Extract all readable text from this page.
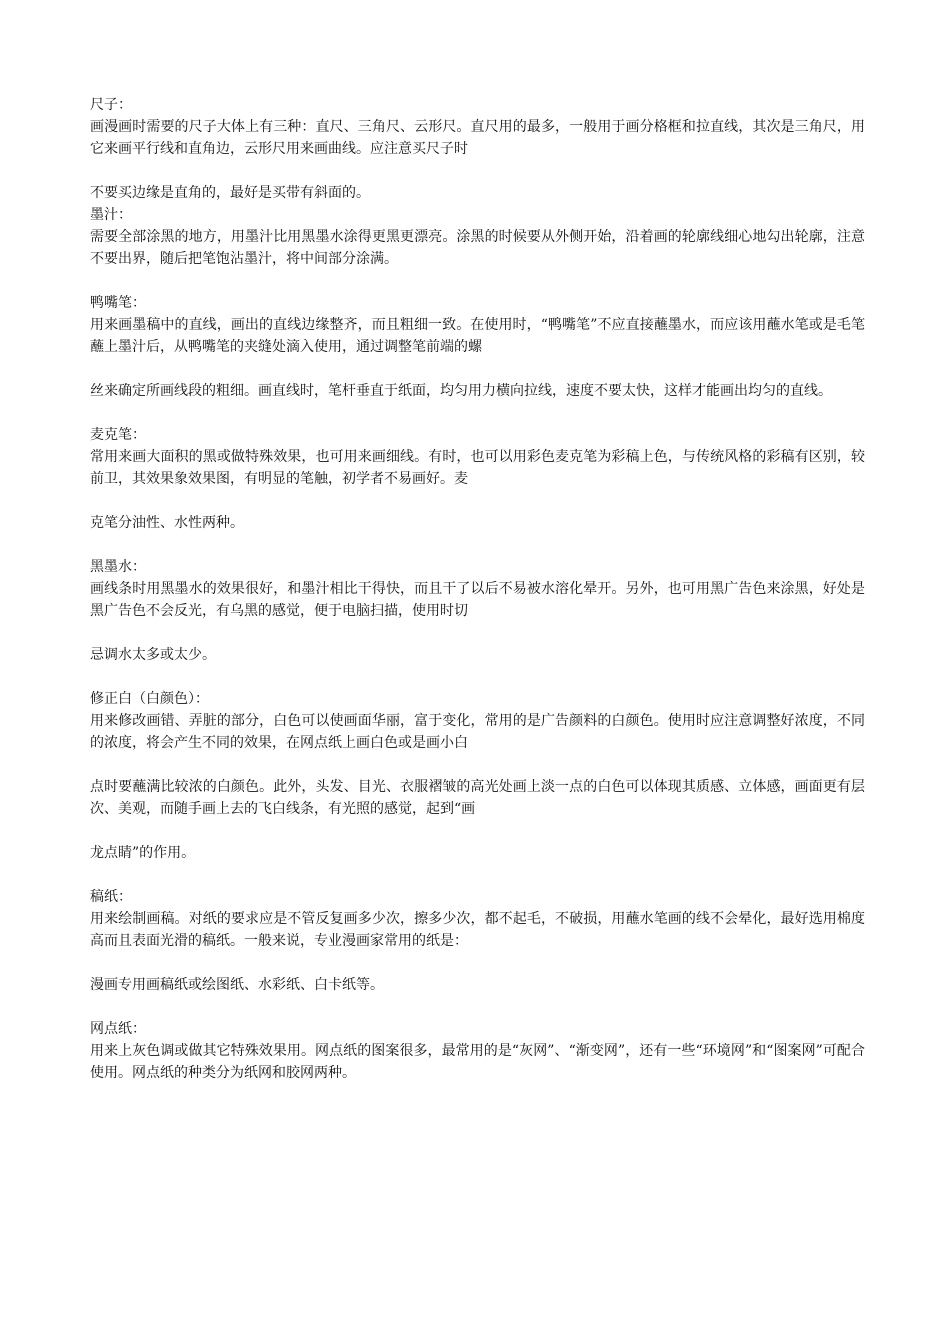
尺子：

画漫画时需要的尺子大体上有三种：直尺、三角尺、云形尺。直尺用的最多，一般用于画分格框和拉直线，其次是三角尺，用它来画平行线和直角边，云形尺用来画曲线。应注意买尺子时

不要买边缘是直角的，最好是买带有斜面的。

墨汁：

需要全部涂黑的地方，用墨汁比用黑墨水涂得更黑更漂亮。涂黑的时候要从外侧开始，沿着画的轮廓线细心地勾出轮廓，注意不要出界，随后把笔饱沾墨汁，将中间部分涂满。

鸭嘴笔：

用来画墨稿中的直线，画出的直线边缘整齐，而且粗细一致。在使用时，“鸭嘴笔”不应直接蘸墨水，而应该用蘸水笔或是毛笔蘸上墨汁后，从鸭嘴笔的夹缝处滴入使用，通过调整笔前端的螺

丝来确定所画线段的粗细。画直线时，笔杆垂直于纸面，均匀用力横向拉线，速度不要太快，这样才能画出均匀的直线。

麦克笔：

常用来画大面积的黑或做特殊效果，也可用来画细线。有时，也可以用彩色麦克笔为彩稿上色，与传统风格的彩稿有区别，较前卫，其效果象效果图，有明显的笔触，初学者不易画好。麦

克笔分油性、水性两种。

黑墨水：

画线条时用黑墨水的效果很好，和墨汁相比干得快，而且干了以后不易被水溶化晕开。另外，也可用黑广告色来涂黑，好处是黑广告色不会反光，有乌黑的感觉，便于电脑扫描，使用时切

忌调水太多或太少。

修正白（白颜色）：

用来修改画错、弄脏的部分，白色可以使画面华丽，富于变化，常用的是广告颜料的白颜色。使用时应注意调整好浓度，不同的浓度，将会产生不同的效果，在网点纸上画白色或是画小白

点时要蘸满比较浓的白颜色。此外，头发、目光、衣服褶皱的高光处画上淡一点的白色可以体现其质感、立体感，画面更有层次、美观，而随手画上去的飞白线条，有光照的感觉，起到“画

龙点睛”的作用。

稿纸：

用来绘制画稿。对纸的要求应是不管反复画多少次，擦多少次，都不起毛，不破损，用蘸水笔画的线不会晕化，最好选用棉度高而且表面光滑的稿纸。一般来说，专业漫画家常用的纸是：

漫画专用画稿纸或绘图纸、水彩纸、白卡纸等。

网点纸：

用来上灰色调或做其它特殊效果用。网点纸的图案很多，最常用的是“灰网”、“渐变网”，还有一些“环境网”和“图案网”可配合使用。网点纸的种类分为纸网和胶网两种。
